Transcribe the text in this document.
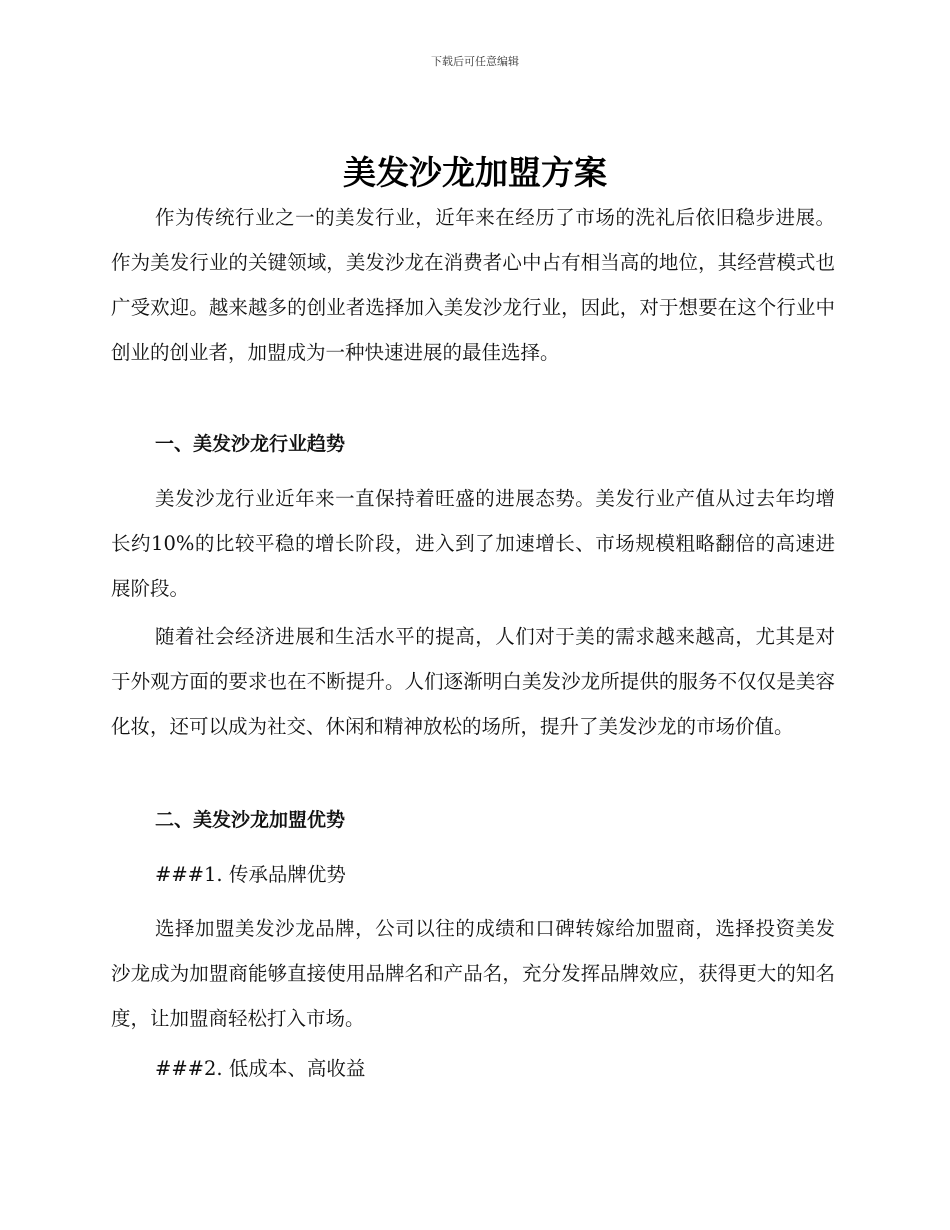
下载后可任意编辑
美发沙龙加盟方案

作为传统行业之一的美发行业，近年来在经历了市场的洗礼后依旧稳步进展。作为美发行业的关键领域，美发沙龙在消费者心中占有相当高的地位，其经营模式也广受欢迎。越来越多的创业者选择加入美发沙龙行业，因此，对于想要在这个行业中创业的创业者，加盟成为一种快速进展的最佳选择。

一、美发沙龙行业趋势

美发沙龙行业近年来一直保持着旺盛的进展态势。美发行业产值从过去年均增长约10%的比较平稳的增长阶段，进入到了加速增长、市场规模粗略翻倍的高速进展阶段。

随着社会经济进展和生活水平的提高，人们对于美的需求越来越高，尤其是对于外观方面的要求也在不断提升。人们逐渐明白美发沙龙所提供的服务不仅仅是美容化妆，还可以成为社交、休闲和精神放松的场所，提升了美发沙龙的市场价值。

二、美发沙龙加盟优势
###1. 传承品牌优势

选择加盟美发沙龙品牌，公司以往的成绩和口碑转嫁给加盟商，选择投资美发沙龙成为加盟商能够直接使用品牌名和产品名，充分发挥品牌效应，获得更大的知名度，让加盟商轻松打入市场。

###2. 低成本、高收益
